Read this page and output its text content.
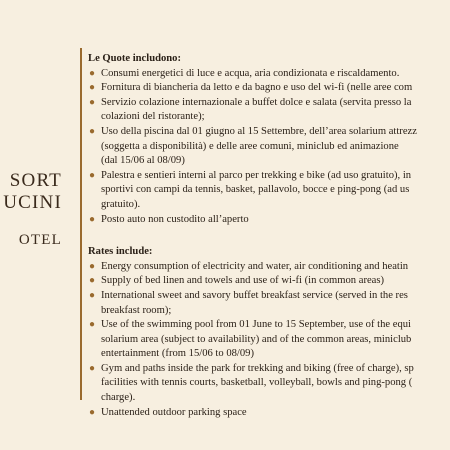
SORT
UCINI
OTEL
Le Quote includono:
● Consumi energetici di luce e acqua, aria condizionata e riscaldamento.
● Fornitura di biancheria da letto e da bagno e uso del wi-fi (nelle aree com
● Servizio colazione internazionale a buffet dolce e salata (servita presso la
colazioni del ristorante);
● Uso della piscina dal 01 giugno al 15 Settembre, dell’area solarium attrezz
(soggetta a disponibilità) e delle aree comuni, miniclub ed animazione
(dal 15/06 al 08/09)
● Palestra e sentieri interni al parco per trekking e bike (ad uso gratuito), in
sportivi con campi da tennis, basket, pallavolo, bocce e ping-pong (ad us
gratuito).
● Posto auto non custodito all’aperto
Rates include:
● Energy consumption of electricity and water, air conditioning and heatin
● Supply of bed linen and towels and use of wi-fi (in common areas)
● International sweet and savory buffet breakfast service (served in the res
breakfast room);
● Use of the swimming pool from 01 June to 15 September, use of the equi
solarium area (subject to availability) and of the common areas, miniclub
entertainment (from 15/06 to 08/09)
● Gym and paths inside the park for trekking and biking (free of charge), sp
facilities with tennis courts, basketball, volleyball, bowls and ping-pong (
charge).
● Unattended outdoor parking space
